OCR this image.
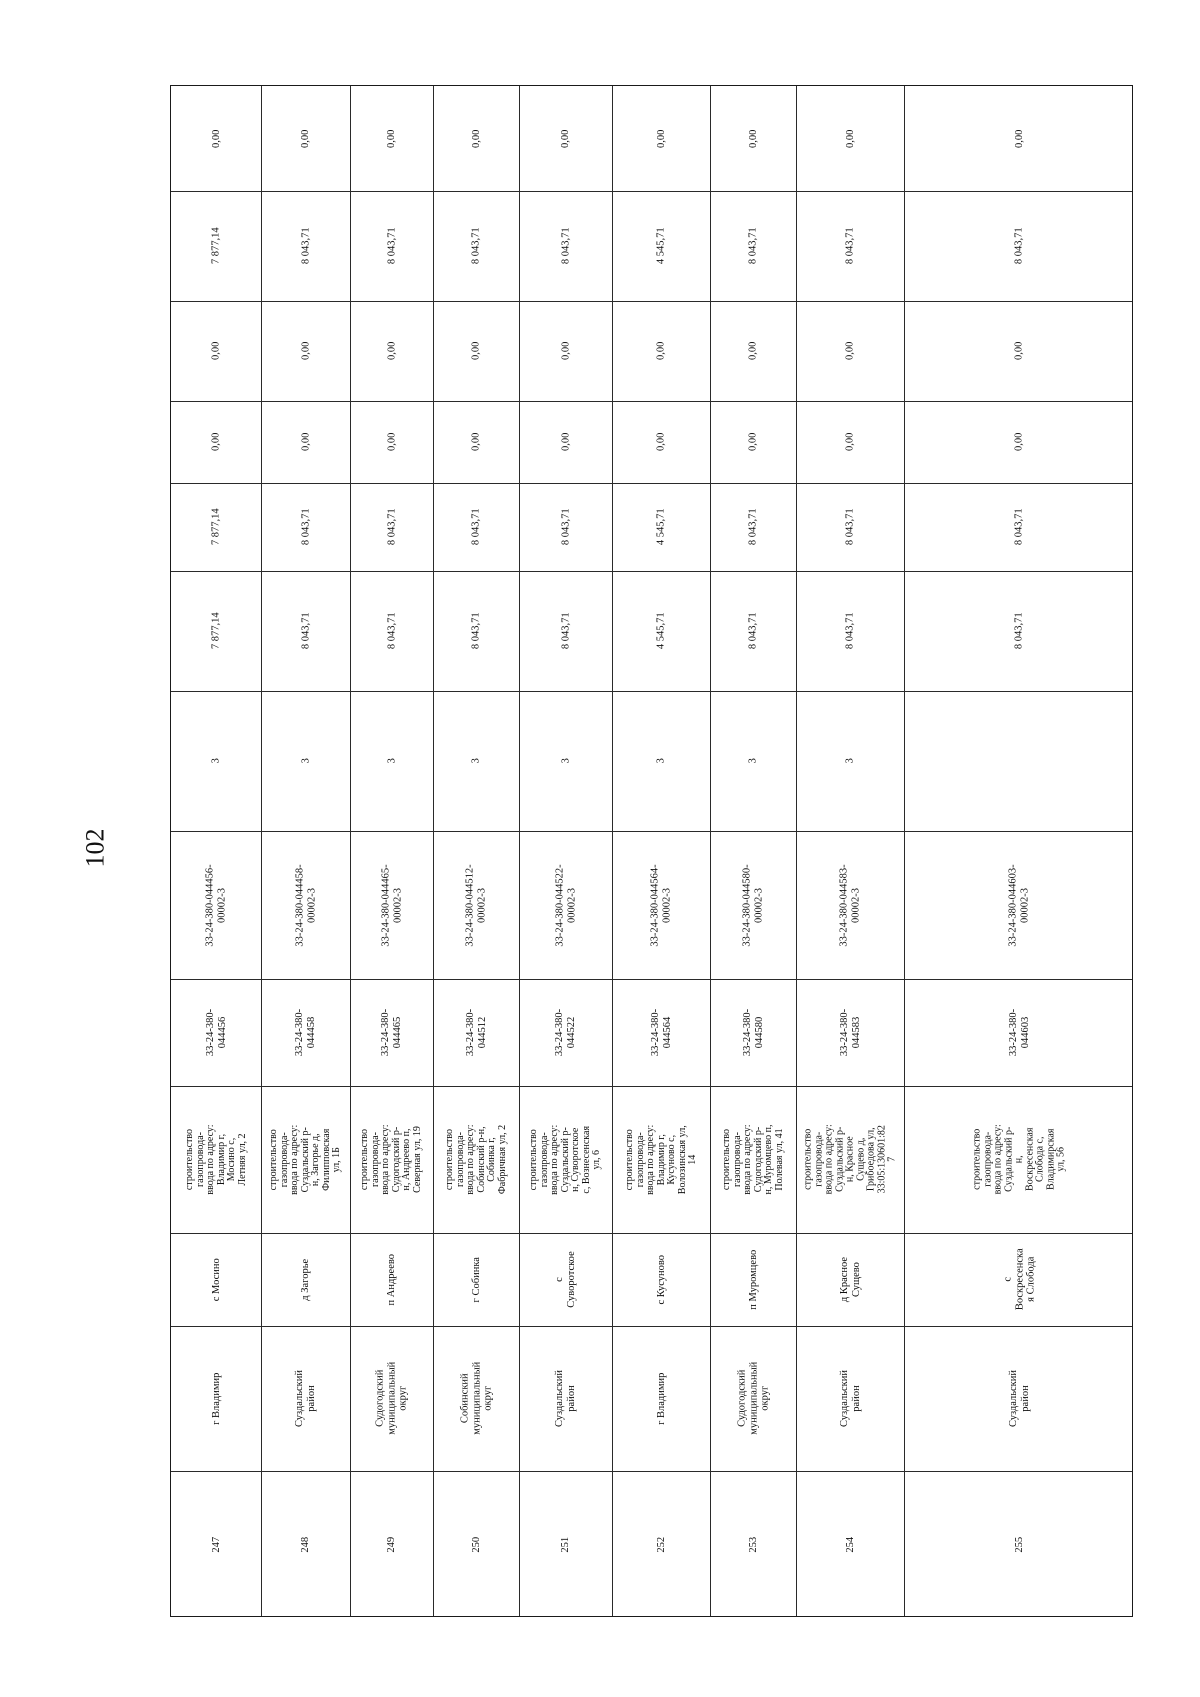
102
247
г Владимир
с Мосино
строительство
газопровода-
ввода по адресу:
Владимир г,
Мосино с,
Летняя ул, 2
33-24-380-
044456
33-24-380-044456-
00002-3
3
7 877,14
7 877,14
0,00
0,00
7 877,14
0,00
248
Суздальский
район
д Загорье
строительство
газопровода-
ввода по адресу:
Суздальский р-
н, Загорье д,
Филипповская
ул, 1Б
33-24-380-
044458
33-24-380-044458-
00002-3
3
8 043,71
8 043,71
0,00
0,00
8 043,71
0,00
249
Судогодский
муниципальный
округ
п Андреево
строительство
газопровода-
ввода по адресу:
Судогодский р-
н, Андреево п,
Северная ул, 19
33-24-380-
044465
33-24-380-044465-
00002-3
3
8 043,71
8 043,71
0,00
0,00
8 043,71
0,00
250
Собинский
муниципальный
округ
г Собинка
строительство
газопровода-
ввода по адресу:
Собинский р-н,
Собинка г,
Фабричная ул, 2
33-24-380-
044512
33-24-380-044512-
00002-3
3
8 043,71
8 043,71
0,00
0,00
8 043,71
0,00
251
Суздальский
район
с
Суворотское
строительство
газопровода-
ввода по адресу:
Суздальский р-
н, Суворотское
с, Вознесенская
ул, 6
33-24-380-
044522
33-24-380-044522-
00002-3
3
8 043,71
8 043,71
0,00
0,00
8 043,71
0,00
252
г Владимир
с Кусуново
строительство
газопровода-
ввода по адресу:
Владимир г,
Кусуново с,
Волозинская ул,
14
33-24-380-
044564
33-24-380-044564-
00002-3
3
4 545,71
4 545,71
0,00
0,00
4 545,71
0,00
253
Судогодский
муниципальный
округ
п Муромцево
строительство
газопровода-
ввода по адресу:
Судогодский р-
н, Муромцево п,
Полевая ул, 41
33-24-380-
044580
33-24-380-044580-
00002-3
3
8 043,71
8 043,71
0,00
0,00
8 043,71
0,00
254
Суздальский
район
д Красное
Сущево
строительство
газопровода-
ввода по адресу:
Суздальский р-
н, Красное
Сущево д,
Грибоедова ул,
33:05:130601:82
7
33-24-380-
044583
33-24-380-044583-
00002-3
3
8 043,71
8 043,71
0,00
0,00
8 043,71
0,00
255
Суздальский
район
с
Воскресенска
я Слобода
строительство
газопровода-
ввода по адресу:
Суздальский р-
н,
Воскресенская
Слобода с,
Владимирская
ул, 56
33-24-380-
044603
33-24-380-044603-
00002-3
8 043,71
8 043,71
0,00
0,00
8 043,71
0,00
